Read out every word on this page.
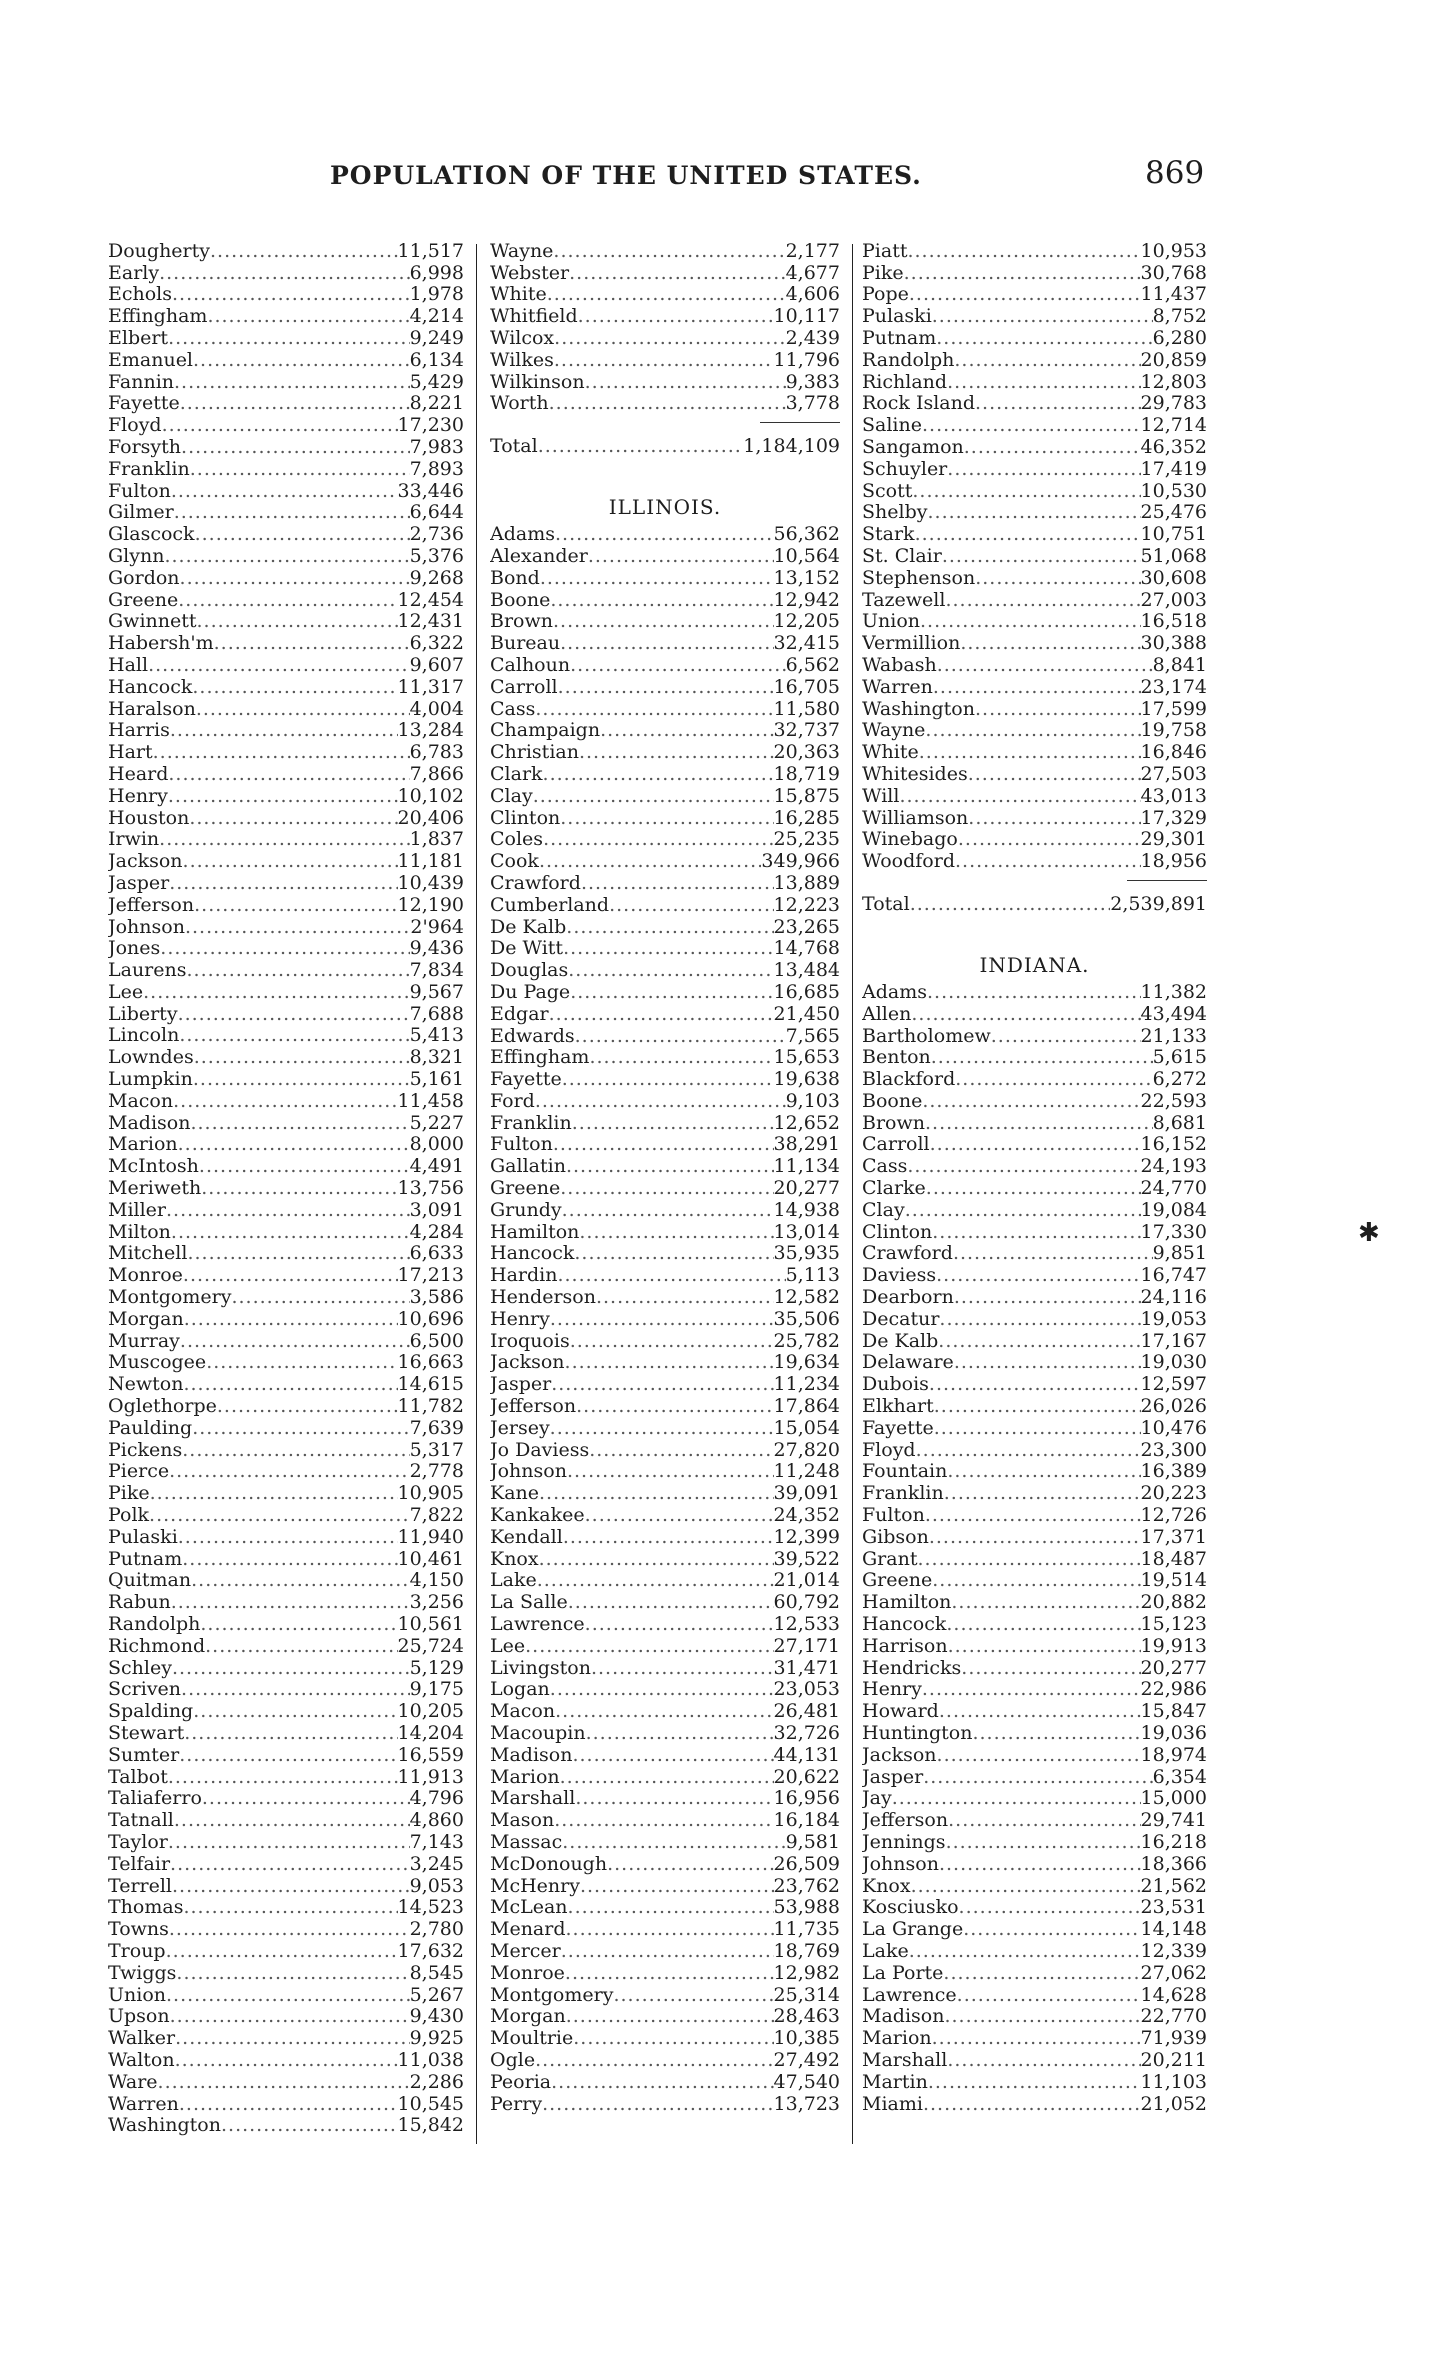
POPULATION OF THE UNITED STATES.	869
Dougherty .....	11,517
Early .....	6,998
Echols .....	1,978
Effingham .....	4,214
Elbert .....	9,249
Emanuel .....	6,134
Fannin .....	5,429
Fayette .....	8,221
Floyd .....	17,230
Forsyth .....	7,983
Franklin .....	7,893
Fulton .....	33,446
Gilmer .....	6,644
Glascock .....	2,736
Glynn .....	5,376
Gordon .....	9,268
Greene .....	12,454
Gwinnett .....	12,431
Habersh'm .....	6,322
Hall .....	9,607
Hancock .....	11,317
Haralson .....	4,004
Harris .....	13,284
Hart .....	6,783
Heard .....	7,866
Henry .....	10,102
Houston .....	20,406
Irwin .....	1,837
Jackson .....	11,181
Jasper .....	10,439
Jefferson .....	12,190
Johnson .....	2'964
Jones .....	9,436
Laurens .....	7,834
Lee .....	9,567
Liberty .....	7,688
Lincoln .....	5,413
Lowndes .....	8,321
Lumpkin .....	5,161
Macon .....	11,458
Madison .....	5,227
Marion .....	8,000
McIntosh .....	4,491
Meriweth .....	13,756
Miller .....	3,091
Milton .....	4,284
Mitchell .....	6,633
Monroe .....	17,213
Montgomery .....	3,586
Morgan .....	10,696
Murray .....	6,500
Muscogee .....	16,663
Newton .....	14,615
Oglethorpe .....	11,782
Paulding .....	7,639
Pickens .....	5,317
Pierce .....	2,778
Pike .....	10,905
Polk .....	7,822
Pulaski .....	11,940
Putnam .....	10,461
Quitman .....	4,150
Rabun .....	3,256
Randolph .....	10,561
Richmond .....	25,724
Schley .....	5,129
Scriven .....	9,175
Spalding .....	10,205
Stewart .....	14,204
Sumter .....	16,559
Talbot .....	11,913
Taliaferro .....	4,796
Tatnall .....	4,860
Taylor .....	7,143
Telfair .....	3,245
Terrell .....	9,053
Thomas .....	14,523
Towns .....	2,780
Troup .....	17,632
Twiggs .....	8,545
Union .....	5,267
Upson .....	9,430
Walker .....	9,925
Walton .....	11,038
Ware .....	2,286
Warren .....	10,545
Washington .....	15,842
Wayne .....	2,177
Webster .....	4,677
White .....	4,606
Whitfield .....	10,117
Wilcox .....	2,439
Wilkes .....	11,796
Wilkinson .....	9,383
Worth .....	3,778
Total .....	1,184,109
ILLINOIS.
Adams .....	56,362
Alexander .....	10,564
Bond .....	13,152
Boone .....	12,942
Brown .....	12,205
Bureau .....	32,415
Calhoun .....	6,562
Carroll .....	16,705
Cass .....	11,580
Champaign .....	32,737
Christian .....	20,363
Clark .....	18,719
Clay .....	15,875
Clinton .....	16,285
Coles .....	25,235
Cook .....	349,966
Crawford .....	13,889
Cumberland .....	12,223
De Kalb .....	23,265
De Witt .....	14,768
Douglas .....	13,484
Du Page .....	16,685
Edgar .....	21,450
Edwards .....	7,565
Effingham .....	15,653
Fayette .....	19,638
Ford .....	9,103
Franklin .....	12,652
Fulton .....	38,291
Gallatin .....	11,134
Greene .....	20,277
Grundy .....	14,938
Hamilton .....	13,014
Hancock .....	35,935
Hardin .....	5,113
Henderson .....	12,582
Henry .....	35,506
Iroquois .....	25,782
Jackson .....	19,634
Jasper .....	11,234
Jefferson .....	17,864
Jersey .....	15,054
Jo Daviess .....	27,820
Johnson .....	11,248
Kane .....	39,091
Kankakee .....	24,352
Kendall .....	12,399
Knox .....	39,522
Lake .....	21,014
La Salle .....	60,792
Lawrence .....	12,533
Lee .....	27,171
Livingston .....	31,471
Logan .....	23,053
Macon .....	26,481
Macoupin .....	32,726
Madison .....	44,131
Marion .....	20,622
Marshall .....	16,956
Mason .....	16,184
Massac .....	9,581
McDonough .....	26,509
McHenry .....	23,762
McLean .....	53,988
Menard .....	11,735
Mercer .....	18,769
Monroe .....	12,982
Montgomery .....	25,314
Morgan .....	28,463
Moultrie .....	10,385
Ogle .....	27,492
Peoria .....	47,540
Perry .....	13,723
Piatt .....	10,953
Pike .....	30,768
Pope .....	11,437
Pulaski .....	8,752
Putnam .....	6,280
Randolph .....	20,859
Richland .....	12,803
Rock Island .....	29,783
Saline .....	12,714
Sangamon .....	46,352
Schuyler .....	17,419
Scott .....	10,530
Shelby .....	25,476
Stark .....	10,751
St. Clair .....	51,068
Stephenson .....	30,608
Tazewell .....	27,003
Union .....	16,518
Vermillion .....	30,388
Wabash .....	8,841
Warren .....	23,174
Washington .....	17,599
Wayne .....	19,758
White .....	16,846
Whitesides .....	27,503
Will .....	43,013
Williamson .....	17,329
Winebago .....	29,301
Woodford .....	18,956
Total .....	2,539,891
INDIANA.
Adams .....	11,382
Allen .....	43,494
Bartholomew .....	21,133
Benton .....	5,615
Blackford .....	6,272
Boone .....	22,593
Brown .....	8,681
Carroll .....	16,152
Cass .....	24,193
Clarke .....	24,770
Clay .....	19,084
Clinton .....	17,330
Crawford .....	9,851
Daviess .....	16,747
Dearborn .....	24,116
Decatur .....	19,053
De Kalb .....	17,167
Delaware .....	19,030
Dubois .....	12,597
Elkhart .....	26,026
Fayette .....	10,476
Floyd .....	23,300
Fountain .....	16,389
Franklin .....	20,223
Fulton .....	12,726
Gibson .....	17,371
Grant .....	18,487
Greene .....	19,514
Hamilton .....	20,882
Hancock .....	15,123
Harrison .....	19,913
Hendricks .....	20,277
Henry .....	22,986
Howard .....	15,847
Huntington .....	19,036
Jackson .....	18,974
Jasper .....	6,354
Jay .....	15,000
Jefferson .....	29,741
Jennings .....	16,218
Johnson .....	18,366
Knox .....	21,562
Kosciusko .....	23,531
La Grange .....	14,148
Lake .....	12,339
La Porte .....	27,062
Lawrence .....	14,628
Madison .....	22,770
Marion .....	71,939
Marshall .....	20,211
Martin .....	11,103
Miami .....	21,052
✱
